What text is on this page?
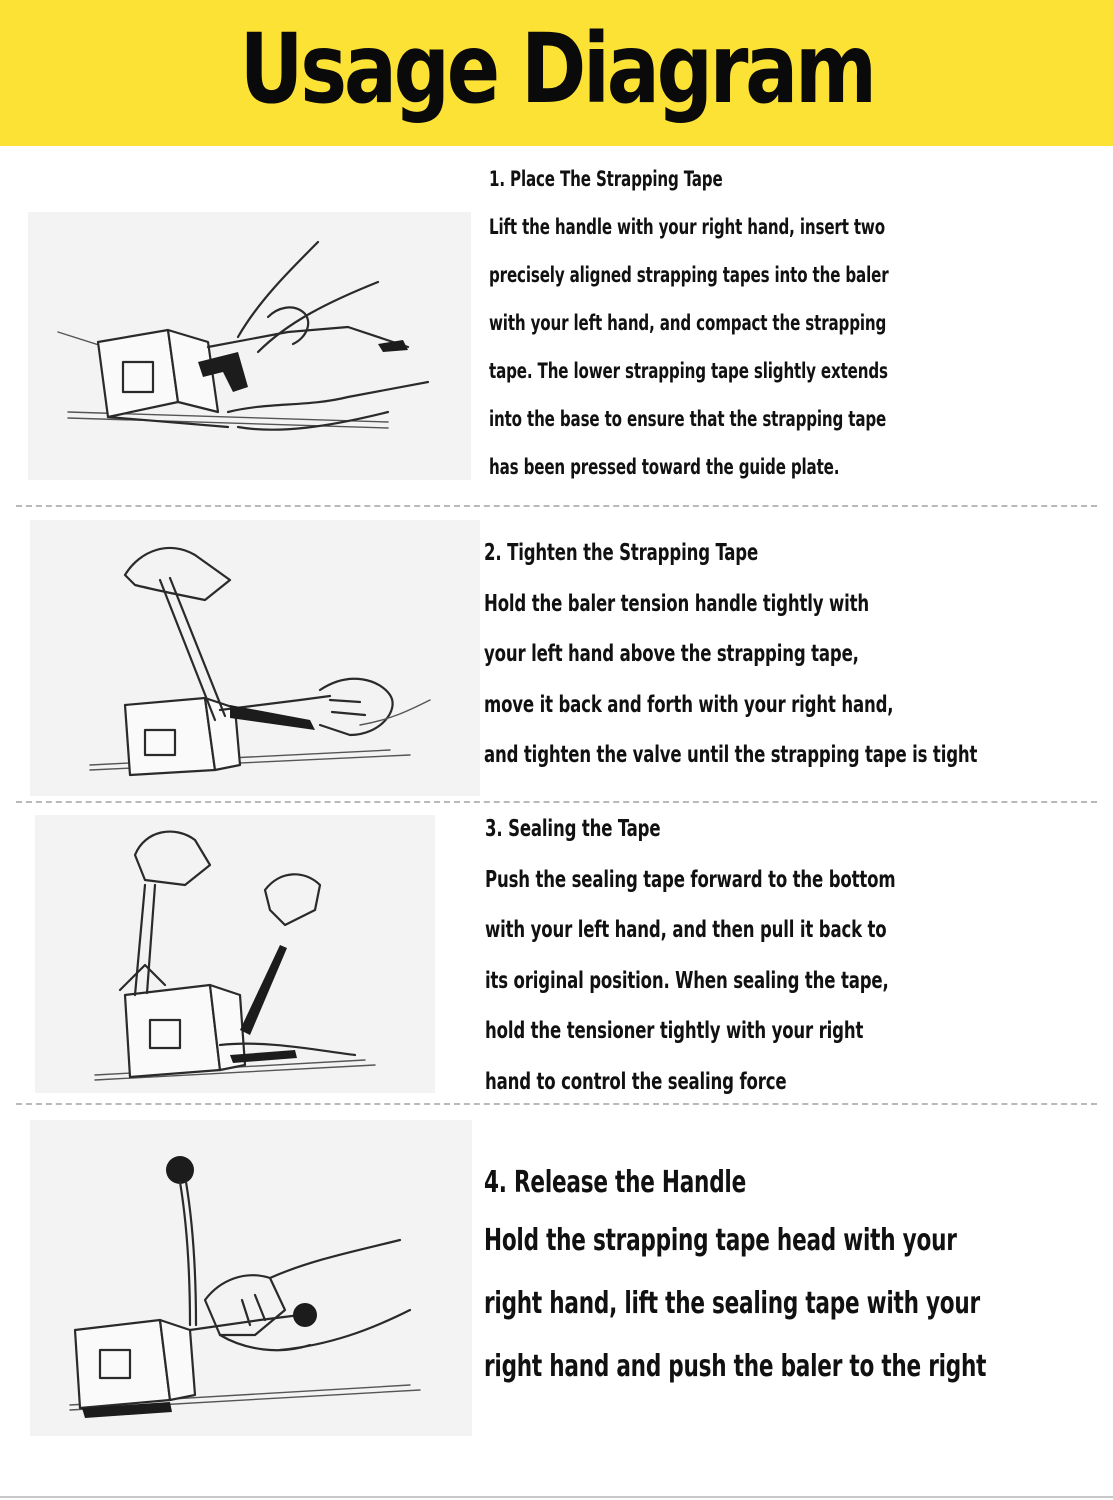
Usage Diagram
1. Place The Strapping Tape
Lift the handle with your right hand, insert two
precisely aligned strapping tapes into the baler
with your left hand, and compact the strapping
tape. The lower strapping tape slightly extends
into the base to ensure that the strapping tape
has been pressed toward the guide plate.
2. Tighten the Strapping Tape
Hold the baler tension handle tightly with
your left hand above the strapping tape,
move it back and forth with your right hand,
and tighten the valve until the strapping tape is tight
3. Sealing the Tape
Push the sealing tape forward to the bottom
with your left hand, and then pull it back to
its original position. When sealing the tape,
hold the tensioner tightly with your right
hand to control the sealing force
4. Release the Handle
Hold the strapping tape head with your
right hand, lift the sealing tape with your
right hand and push the baler to the right
